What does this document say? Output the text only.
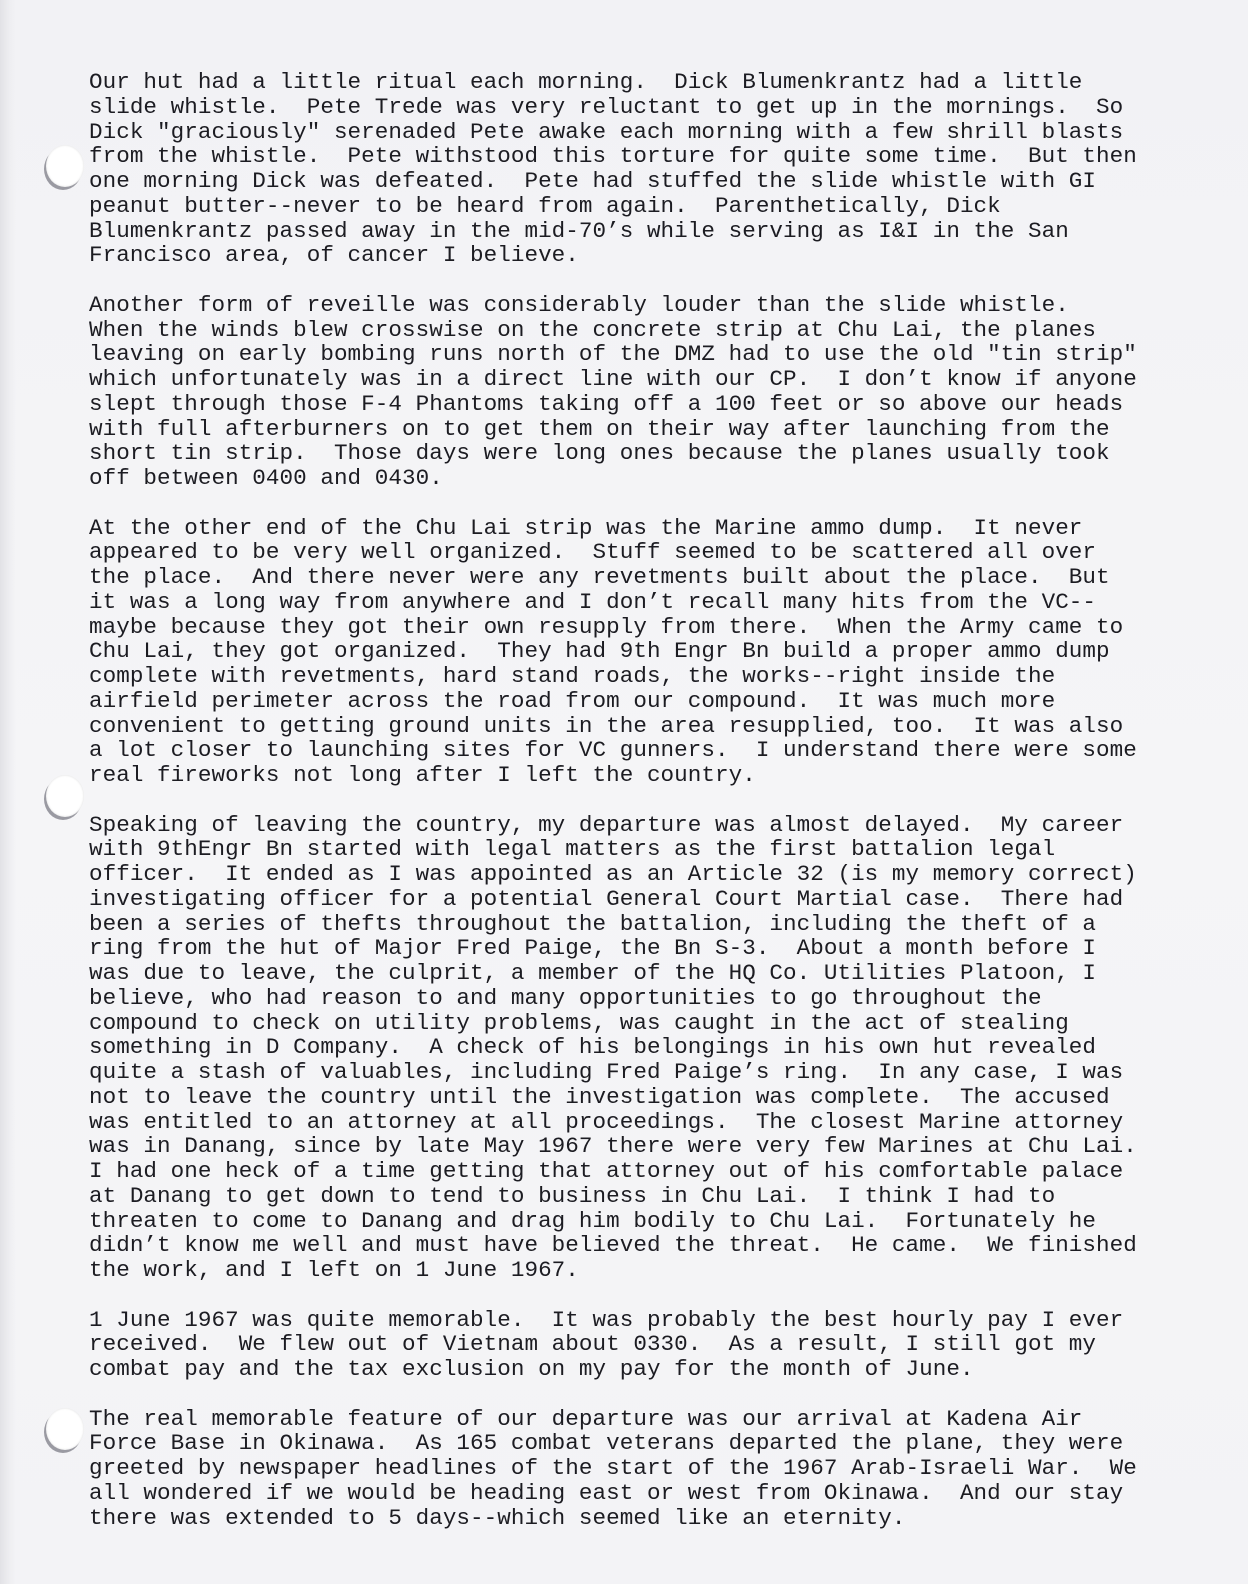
Our hut had a little ritual each morning.  Dick Blumenkrantz had a little
slide whistle.  Pete Trede was very reluctant to get up in the mornings.  So
Dick "graciously" serenaded Pete awake each morning with a few shrill blasts
from the whistle.  Pete withstood this torture for quite some time.  But then
one morning Dick was defeated.  Pete had stuffed the slide whistle with GI
peanut butter--never to be heard from again.  Parenthetically, Dick
Blumenkrantz passed away in the mid-70’s while serving as I&I in the San
Francisco area, of cancer I believe.

Another form of reveille was considerably louder than the slide whistle.
When the winds blew crosswise on the concrete strip at Chu Lai, the planes
leaving on early bombing runs north of the DMZ had to use the old "tin strip"
which unfortunately was in a direct line with our CP.  I don’t know if anyone
slept through those F-4 Phantoms taking off a 100 feet or so above our heads
with full afterburners on to get them on their way after launching from the
short tin strip.  Those days were long ones because the planes usually took
off between 0400 and 0430.

At the other end of the Chu Lai strip was the Marine ammo dump.  It never
appeared to be very well organized.  Stuff seemed to be scattered all over
the place.  And there never were any revetments built about the place.  But
it was a long way from anywhere and I don’t recall many hits from the VC--
maybe because they got their own resupply from there.  When the Army came to
Chu Lai, they got organized.  They had 9th Engr Bn build a proper ammo dump
complete with revetments, hard stand roads, the works--right inside the
airfield perimeter across the road from our compound.  It was much more
convenient to getting ground units in the area resupplied, too.  It was also
a lot closer to launching sites for VC gunners.  I understand there were some
real fireworks not long after I left the country.

Speaking of leaving the country, my departure was almost delayed.  My career
with 9thEngr Bn started with legal matters as the first battalion legal
officer.  It ended as I was appointed as an Article 32 (is my memory correct)
investigating officer for a potential General Court Martial case.  There had
been a series of thefts throughout the battalion, including the theft of a
ring from the hut of Major Fred Paige, the Bn S-3.  About a month before I
was due to leave, the culprit, a member of the HQ Co. Utilities Platoon, I
believe, who had reason to and many opportunities to go throughout the
compound to check on utility problems, was caught in the act of stealing
something in D Company.  A check of his belongings in his own hut revealed
quite a stash of valuables, including Fred Paige’s ring.  In any case, I was
not to leave the country until the investigation was complete.  The accused
was entitled to an attorney at all proceedings.  The closest Marine attorney
was in Danang, since by late May 1967 there were very few Marines at Chu Lai.
I had one heck of a time getting that attorney out of his comfortable palace
at Danang to get down to tend to business in Chu Lai.  I think I had to
threaten to come to Danang and drag him bodily to Chu Lai.  Fortunately he
didn’t know me well and must have believed the threat.  He came.  We finished
the work, and I left on 1 June 1967.

1 June 1967 was quite memorable.  It was probably the best hourly pay I ever
received.  We flew out of Vietnam about 0330.  As a result, I still got my
combat pay and the tax exclusion on my pay for the month of June.

The real memorable feature of our departure was our arrival at Kadena Air
Force Base in Okinawa.  As 165 combat veterans departed the plane, they were
greeted by newspaper headlines of the start of the 1967 Arab-Israeli War.  We
all wondered if we would be heading east or west from Okinawa.  And our stay
there was extended to 5 days--which seemed like an eternity.
